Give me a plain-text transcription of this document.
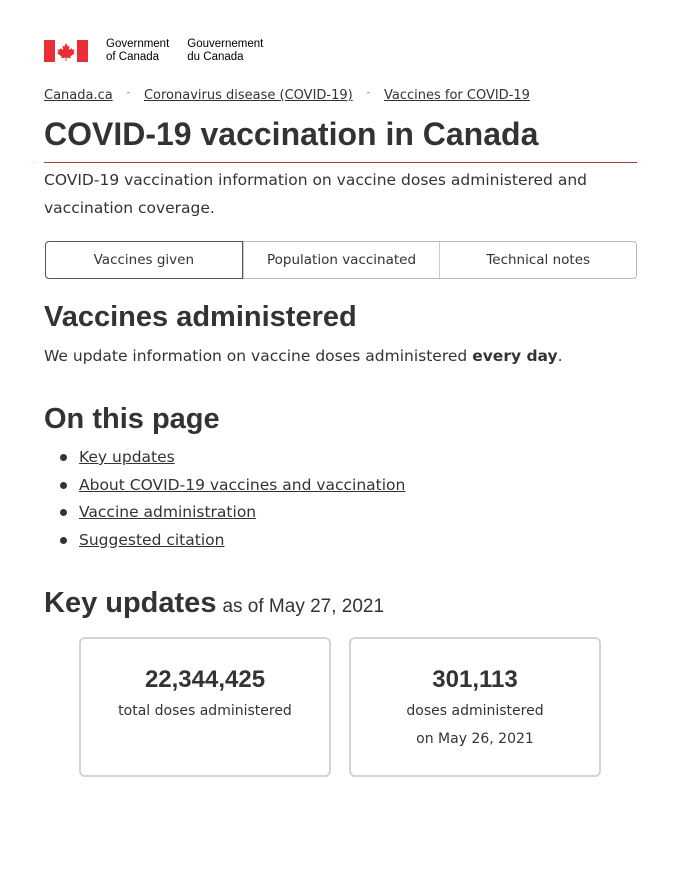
Government
of Canada
Gouvernement
du Canada
Canada.ca - Coronavirus disease (COVID-19) - Vaccines for COVID-19
COVID-19 vaccination in Canada

COVID-19 vaccination information on vaccine doses administered and vaccination coverage.

Vaccines given	Population vaccinated	Technical notes
Vaccines administered

We update information on vaccine doses administered every day.

On this page
Key updates
About COVID-19 vaccines and vaccination
Vaccine administration
Suggested citation
Key updates as of May 27, 2021
22,344,425
total doses administered
301,113
doses administered
on May 26, 2021
